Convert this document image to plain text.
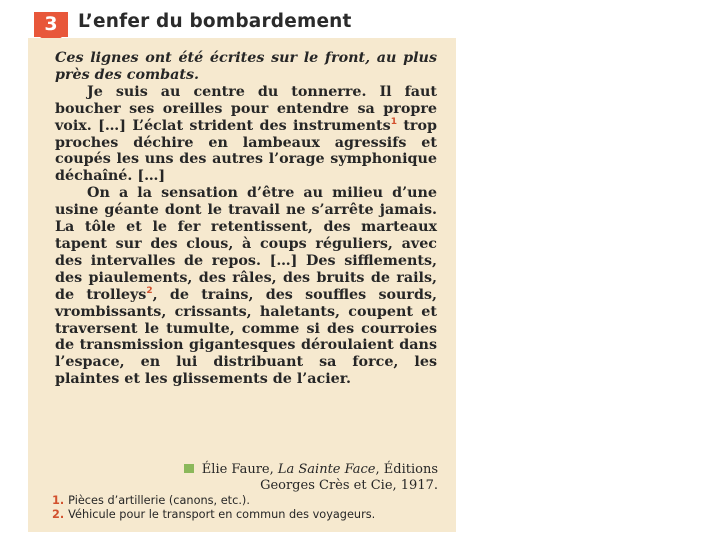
3	L’enfer du bombardement

Ces lignes ont été écrites sur le front, au plus près des combats.

Je suis au centre du tonnerre. Il faut boucher ses oreilles pour entendre sa propre voix. […] L’éclat strident des instruments$^1$ trop proches déchire en lambeaux agressifs et coupés les uns des autres l’orage symphonique déchaîné. […]

On a la sensation d’être au milieu d’une usine géante dont le travail ne s’arrête jamais. La tôle et le fer retentissent, des marteaux tapent sur des clous, à coups réguliers, avec des intervalles de repos. […] Des sifflements, des piaulements, des râles, des bruits de rails, de trolleys$^2$, de trains, des souffles sourds, vrombissants, crissants, haletants, coupent et traversent le tumulte, comme si des courroies de transmission gigantesques déroulaient dans l’espace, en lui distribuant sa force, les plaintes et les glissements de l’acier.

Élie Faure, La Sainte Face, Éditions Georges Crès et Cie, 1917.

1. Pièces d’artillerie (canons, etc.).

2. Véhicule pour le transport en commun des voyageurs.
